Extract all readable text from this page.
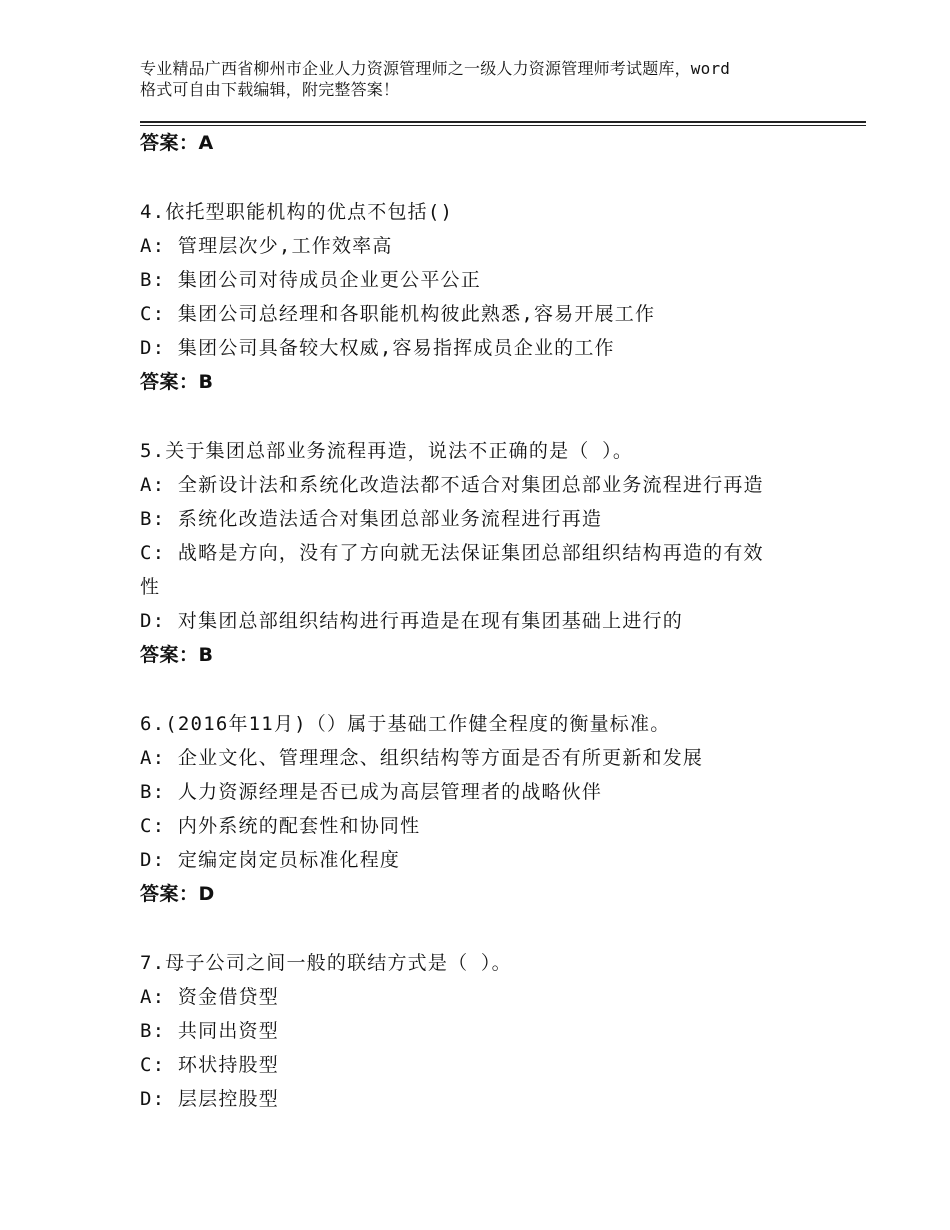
专业精品广西省柳州市企业人力资源管理师之一级人力资源管理师考试题库，word
格式可自由下载编辑，附完整答案！
答案：A
4.依托型职能机构的优点不包括()
A: 管理层次少,工作效率高
B: 集团公司对待成员企业更公平公正
C: 集团公司总经理和各职能机构彼此熟悉,容易开展工作
D: 集团公司具备较大权威,容易指挥成员企业的工作
答案：B
5.关于集团总部业务流程再造，说法不正确的是（ ）。
A: 全新设计法和系统化改造法都不适合对集团总部业务流程进行再造
B: 系统化改造法适合对集团总部业务流程进行再造
C: 战略是方向，没有了方向就无法保证集团总部组织结构再造的有效
性
D: 对集团总部组织结构进行再造是在现有集团基础上进行的
答案：B
6.(2016年11月)（）属于基础工作健全程度的衡量标准。
A: 企业文化、管理理念、组织结构等方面是否有所更新和发展
B: 人力资源经理是否已成为高层管理者的战略伙伴
C: 内外系统的配套性和协同性
D: 定编定岗定员标准化程度
答案：D
7.母子公司之间一般的联结方式是（ ）。
A: 资金借贷型
B: 共同出资型
C: 环状持股型
D: 层层控股型
